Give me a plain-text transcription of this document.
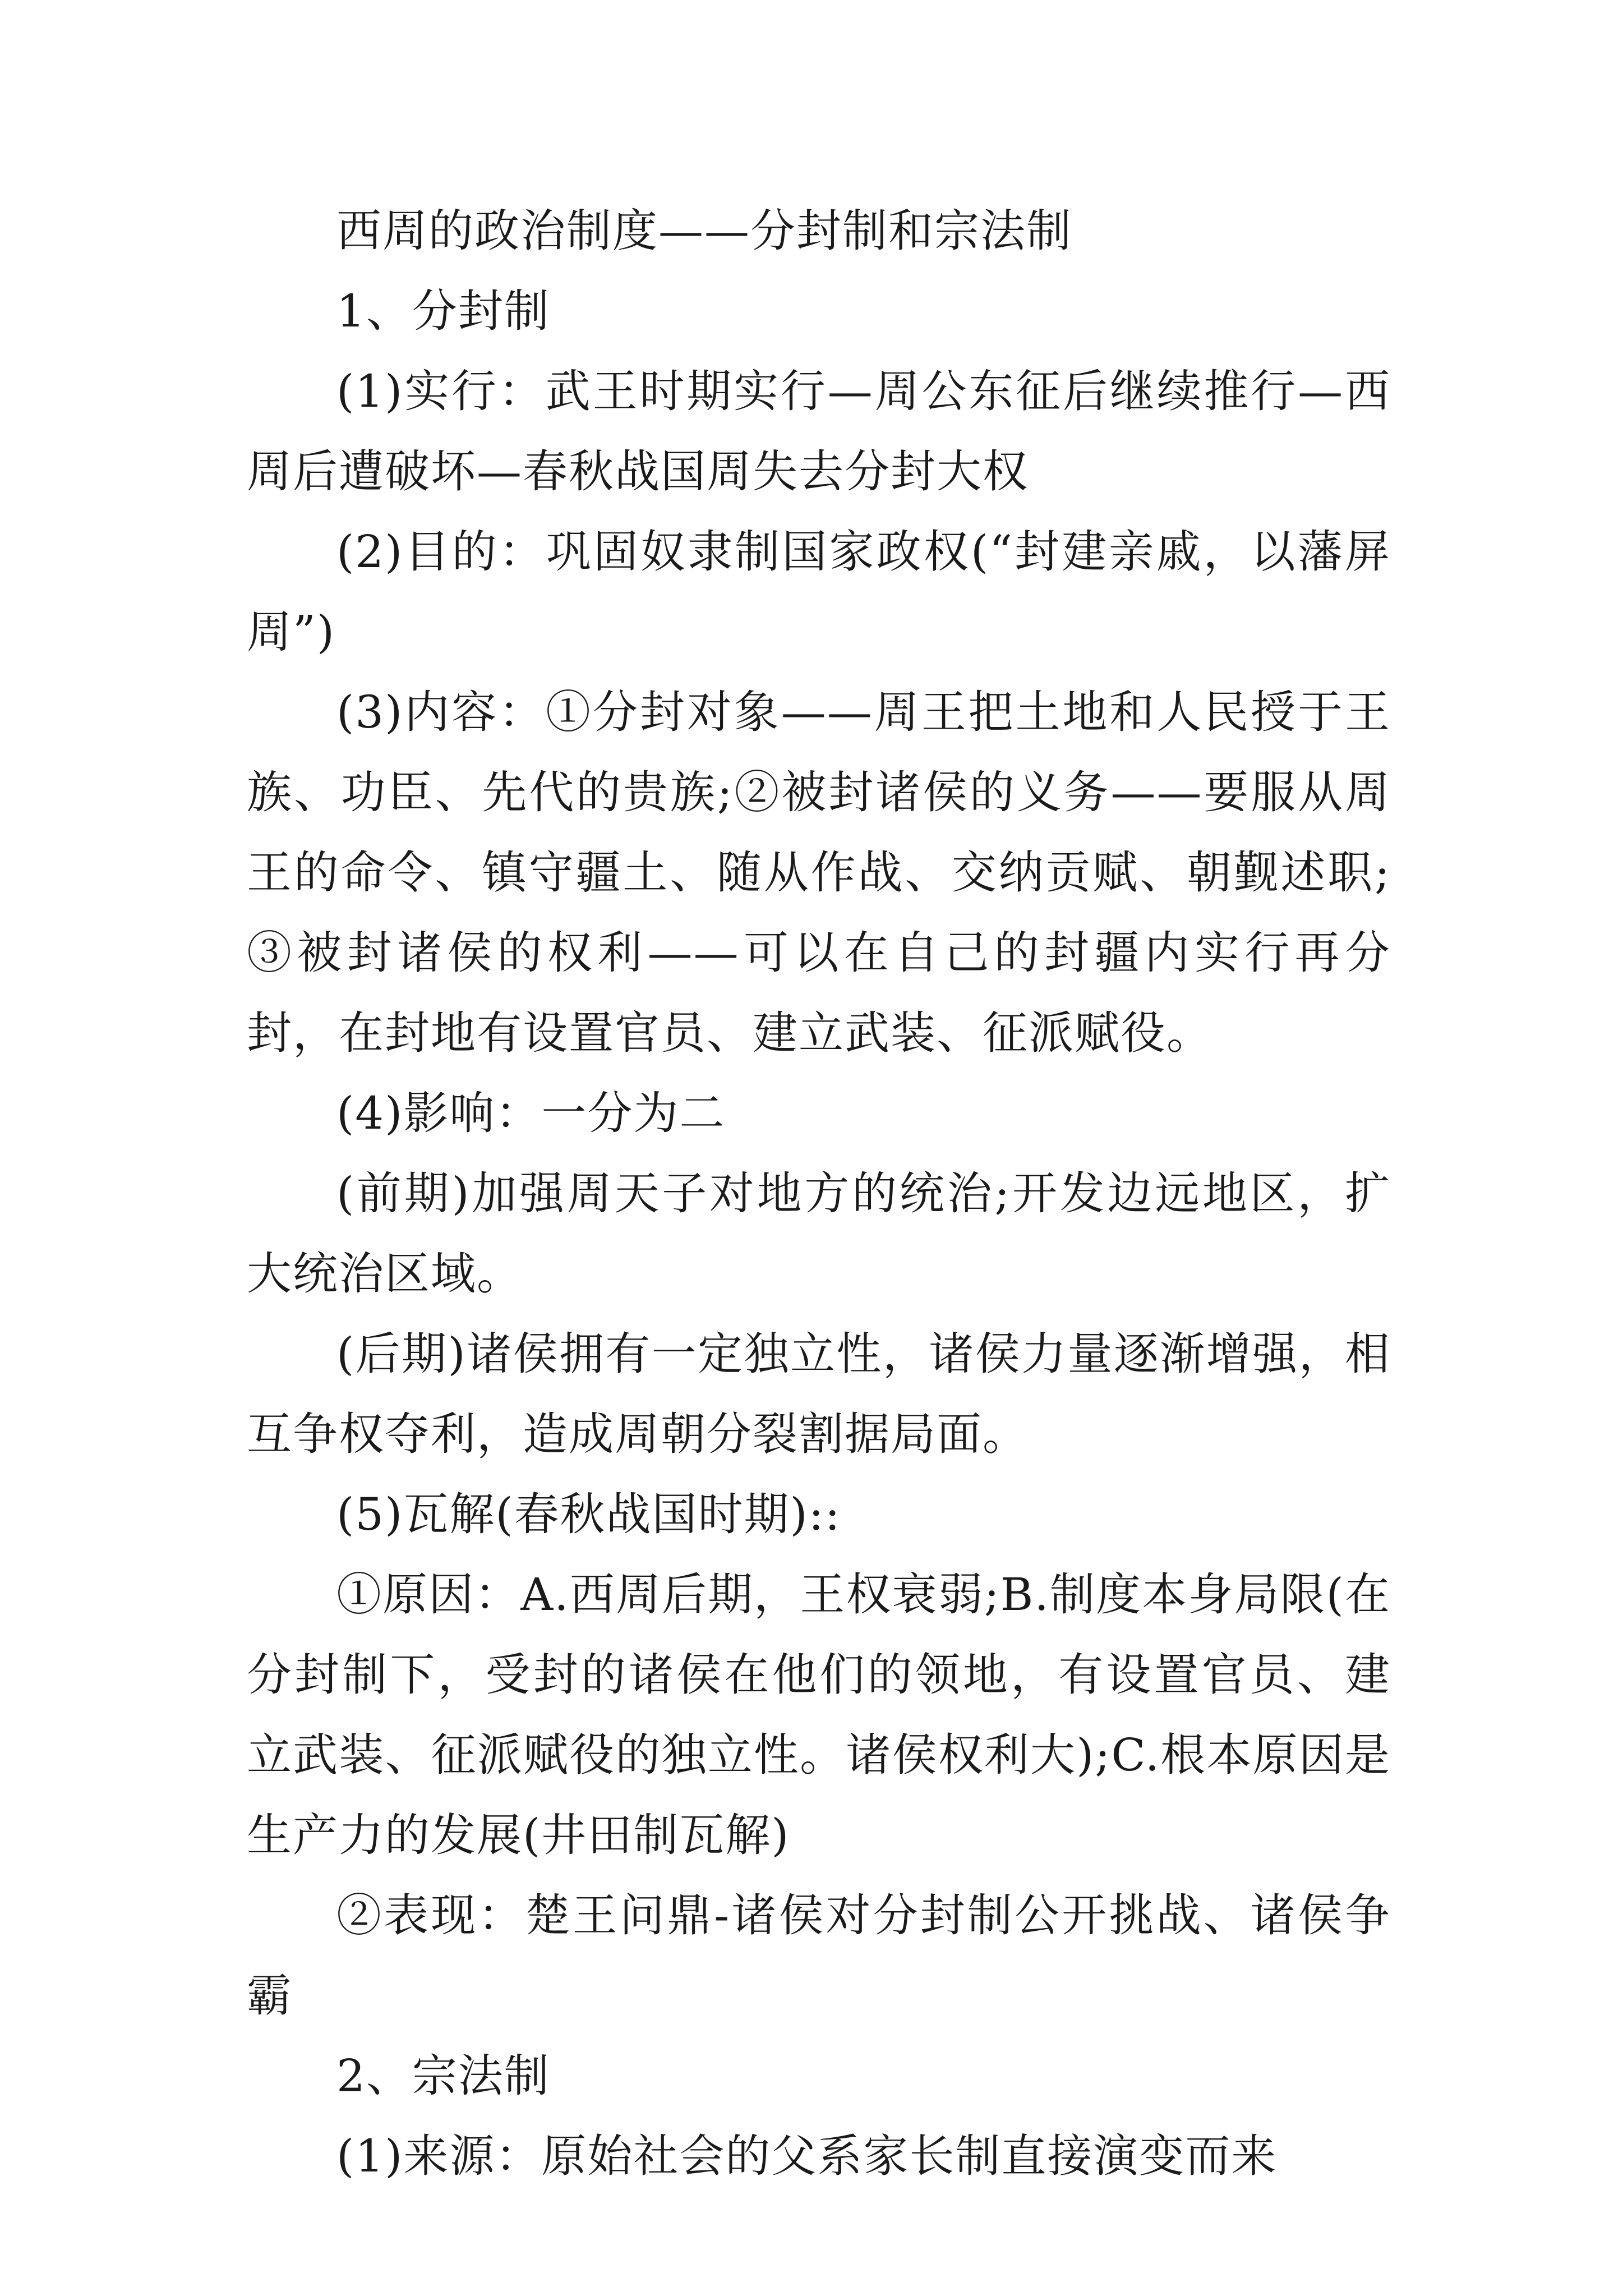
西周的政治制度——分封制和宗法制

1、分封制

(1)实行：武王时期实行—周公东征后继续推行—西周后遭破坏—春秋战国周失去分封大权

(2)目的：巩固奴隶制国家政权(“封建亲戚，以藩屏周”)

(3)内容：①分封对象——周王把土地和人民授于王族、功臣、先代的贵族;②被封诸侯的义务——要服从周王的命令、镇守疆土、随从作战、交纳贡赋、朝觐述职;③被封诸侯的权利——可以在自己的封疆内实行再分封，在封地有设置官员、建立武装、征派赋役。

(4)影响：一分为二

(前期)加强周天子对地方的统治;开发边远地区，扩大统治区域。

(后期)诸侯拥有一定独立性，诸侯力量逐渐增强，相互争权夺利，造成周朝分裂割据局面。

(5)瓦解(春秋战国时期)::

①原因：A.西周后期，王权衰弱;B.制度本身局限(在分封制下，受封的诸侯在他们的领地，有设置官员、建立武装、征派赋役的独立性。诸侯权利大);C.根本原因是生产力的发展(井田制瓦解)

②表现：楚王问鼎-诸侯对分封制公开挑战、诸侯争霸

2、宗法制

(1)来源：原始社会的父系家长制直接演变而来
